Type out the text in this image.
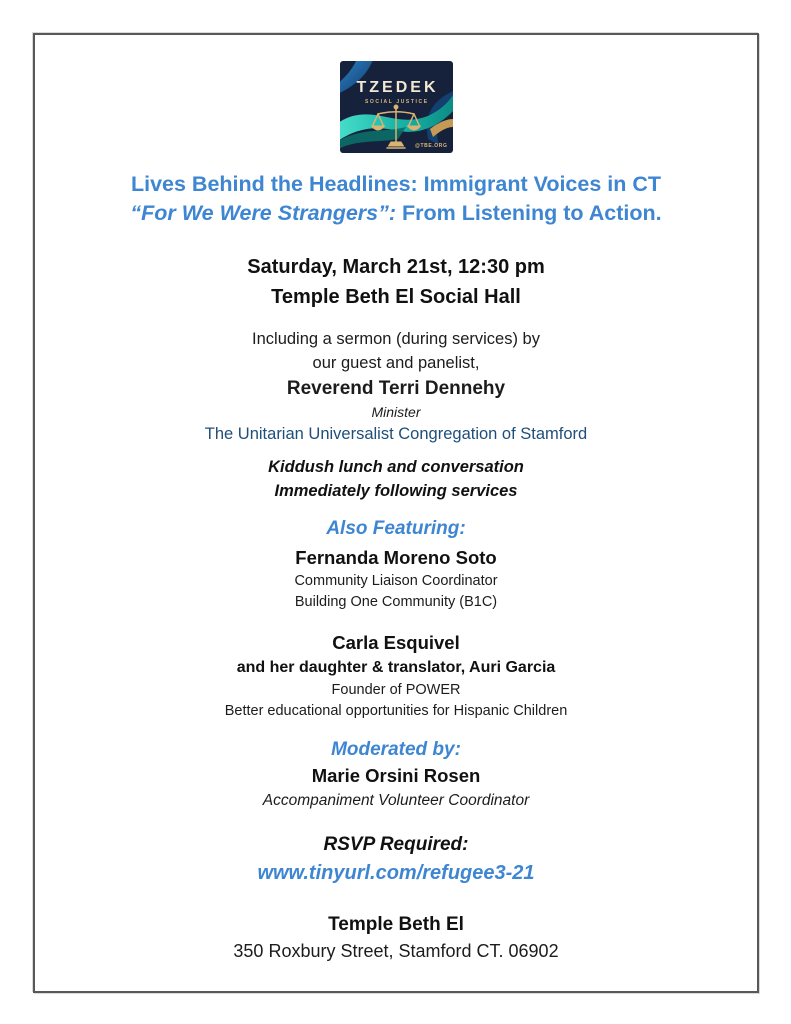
TZEDEK
SOCIAL JUSTICE
@TBE.ORG
Lives Behind the Headlines: Immigrant Voices in CT
“For We Were Strangers”: From Listening to Action.
Saturday, March 21st, 12:30 pm
Temple Beth El Social Hall
Including a sermon (during services) by
our guest and panelist,
Reverend Terri Dennehy
Minister
The Unitarian Universalist Congregation of Stamford
Kiddush lunch and conversation
Immediately following services
Also Featuring:
Fernanda Moreno Soto
Community Liaison Coordinator
Building One Community (B1C)
Carla Esquivel
and her daughter & translator, Auri Garcia
Founder of POWER
Better educational opportunities for Hispanic Children
Moderated by:
Marie Orsini Rosen
Accompaniment Volunteer Coordinator
RSVP Required:
www.tinyurl.com/refugee3-21
Temple Beth El
350 Roxbury Street, Stamford CT. 06902
